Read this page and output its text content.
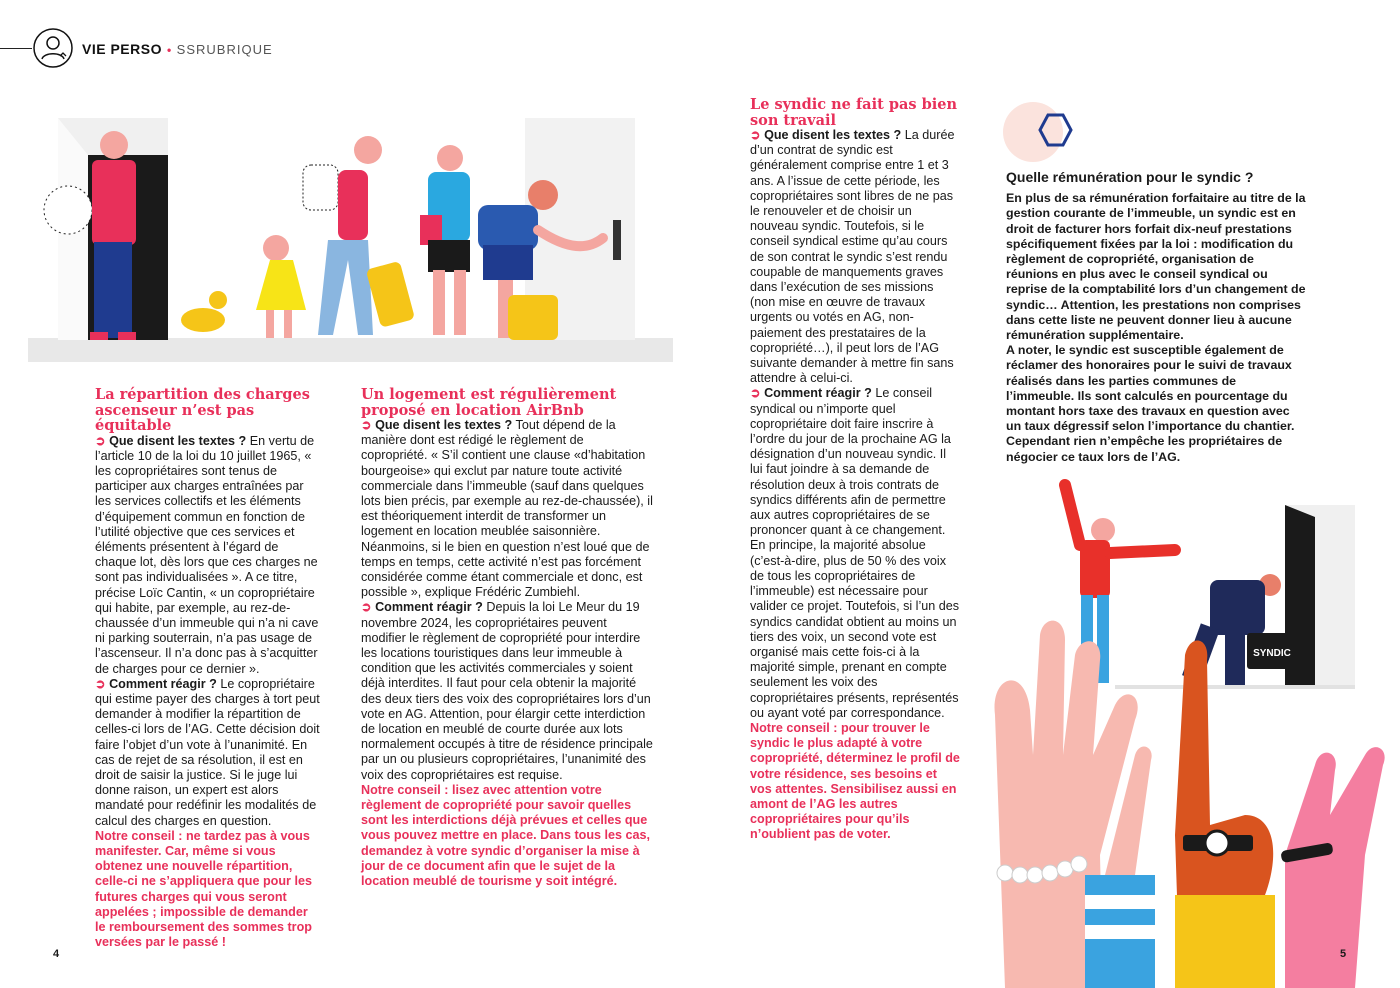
VIE PERSO • SSRUBRIQUE
SYNDIC
La répartition des charges ascenseur n’est pas équitable

➲ Que disent les textes ? En vertu de l’article 10 de la loi du 10 juillet 1965, « les copropriétaires sont tenus de participer aux charges entraînées par les services collectifs et les éléments d’équipement commun en fonction de l’utilité objective que ces services et éléments présentent à l’égard de chaque lot, dès lors que ces charges ne sont pas individualisées ». A ce titre, précise Loïc Cantin, « un copropriétaire qui habite, par exemple, au rez-de-chaussée d’un immeuble qui n’a ni cave ni parking souterrain, n’a pas usage de l’ascenseur. Il n’a donc pas à s’acquitter de charges pour ce dernier ».

➲ Comment réagir ? Le copropriétaire qui estime payer des charges à tort peut demander à modifier la répartition de celles-ci lors de l’AG. Cette décision doit faire l’objet d’un vote à l’unanimité. En cas de rejet de sa résolution, il est en droit de saisir la justice. Si le juge lui donne raison, un expert est alors mandaté pour redéfinir les modalités de calcul des charges en question.

Notre conseil : ne tardez pas à vous manifester. Car, même si vous obtenez une nouvelle répartition, celle-ci ne s’appliquera que pour les futures charges qui vous seront appelées ; impossible de demander le remboursement des sommes trop versées par le passé !

Un logement est régulièrement proposé en location AirBnb

➲ Que disent les textes ? Tout dépend de la manière dont est rédigé le règlement de copropriété. « S’il contient une clause «d’habitation bourgeoise» qui exclut par nature toute activité commerciale dans l’immeuble (sauf dans quelques lots bien précis, par exemple au rez-de-chaussée), il est théoriquement interdit de transformer un logement en location meublée saisonnière. Néanmoins, si le bien en question n’est loué que de temps en temps, cette activité n’est pas forcément considérée comme étant commerciale et donc, est possible », explique Frédéric Zumbiehl.

➲ Comment réagir ? Depuis la loi Le Meur du 19 novembre 2024, les copropriétaires peuvent modifier le règlement de copropriété pour interdire les locations touristiques dans leur immeuble à condition que les activités commerciales y soient déjà interdites. Il faut pour cela obtenir la majorité des deux tiers des voix des copropriétaires lors d’un vote en AG. Attention, pour élargir cette interdiction de location en meublé de courte durée aux lots normalement occupés à titre de résidence principale par un ou plusieurs copropriétaires, l’unanimité des voix des copropriétaires est requise.

Notre conseil : lisez avec attention votre règlement de copropriété pour savoir quelles sont les interdictions déjà prévues et celles que vous pouvez mettre en place. Dans tous les cas, demandez à votre syndic d’organiser la mise à jour de ce document afin que le sujet de la location meublé de tourisme y soit intégré.

Le syndic ne fait pas bien son travail

➲ Que disent les textes ? La durée d’un contrat de syndic est généralement comprise entre 1 et 3 ans. A l’issue de cette période, les copropriétaires sont libres de ne pas le renouveler et de choisir un nouveau syndic. Toutefois, si le conseil syndical estime qu’au cours de son contrat le syndic s’est rendu coupable de manquements graves dans l’exécution de ses missions (non mise en œuvre de travaux urgents ou votés en AG, non-paiement des prestataires de la copropriété…), il peut lors de l’AG suivante demander à mettre fin sans attendre à celui-ci.

➲ Comment réagir ? Le conseil syndical ou n’importe quel copropriétaire doit faire inscrire à l’ordre du jour de la prochaine AG la désignation d’un nouveau syndic. Il lui faut joindre à sa demande de résolution deux à trois contrats de syndics différents afin de permettre aux autres copropriétaires de se prononcer quant à ce changement. En principe, la majorité absolue (c’est-à-dire, plus de 50 % des voix de tous les copropriétaires de l’immeuble) est nécessaire pour valider ce projet. Toutefois, si l’un des syndics candidat obtient au moins un tiers des voix, un second vote est organisé mais cette fois-ci à la majorité simple, prenant en compte seulement les voix des copropriétaires présents, représentés ou ayant voté par correspondance.

Notre conseil : pour trouver le syndic le plus adapté à votre copropriété, déterminez le profil de votre résidence, ses besoins et vos attentes. Sensibilisez aussi en amont de l’AG les autres copropriétaires pour qu’ils n’oublient pas de voter.

Quelle rémunération pour le syndic ?

En plus de sa rémunération forfaitaire au titre de la gestion courante de l’immeuble, un syndic est en droit de facturer hors forfait dix-neuf prestations spécifiquement fixées par la loi : modification du règlement de copropriété, organisation de réunions en plus avec le conseil syndical ou reprise de la comptabilité lors d’un changement de syndic… Attention, les prestations non comprises dans cette liste ne peuvent donner lieu à aucune rémunération supplémentaire.

A noter, le syndic est susceptible également de réclamer des honoraires pour le suivi de travaux réalisés dans les parties communes de l’immeuble. Ils sont calculés en pourcentage du montant hors taxe des travaux en question avec un taux dégressif selon l’importance du chantier. Cependant rien n’empêche les propriétaires de négocier ce taux lors de l’AG.

4	5
